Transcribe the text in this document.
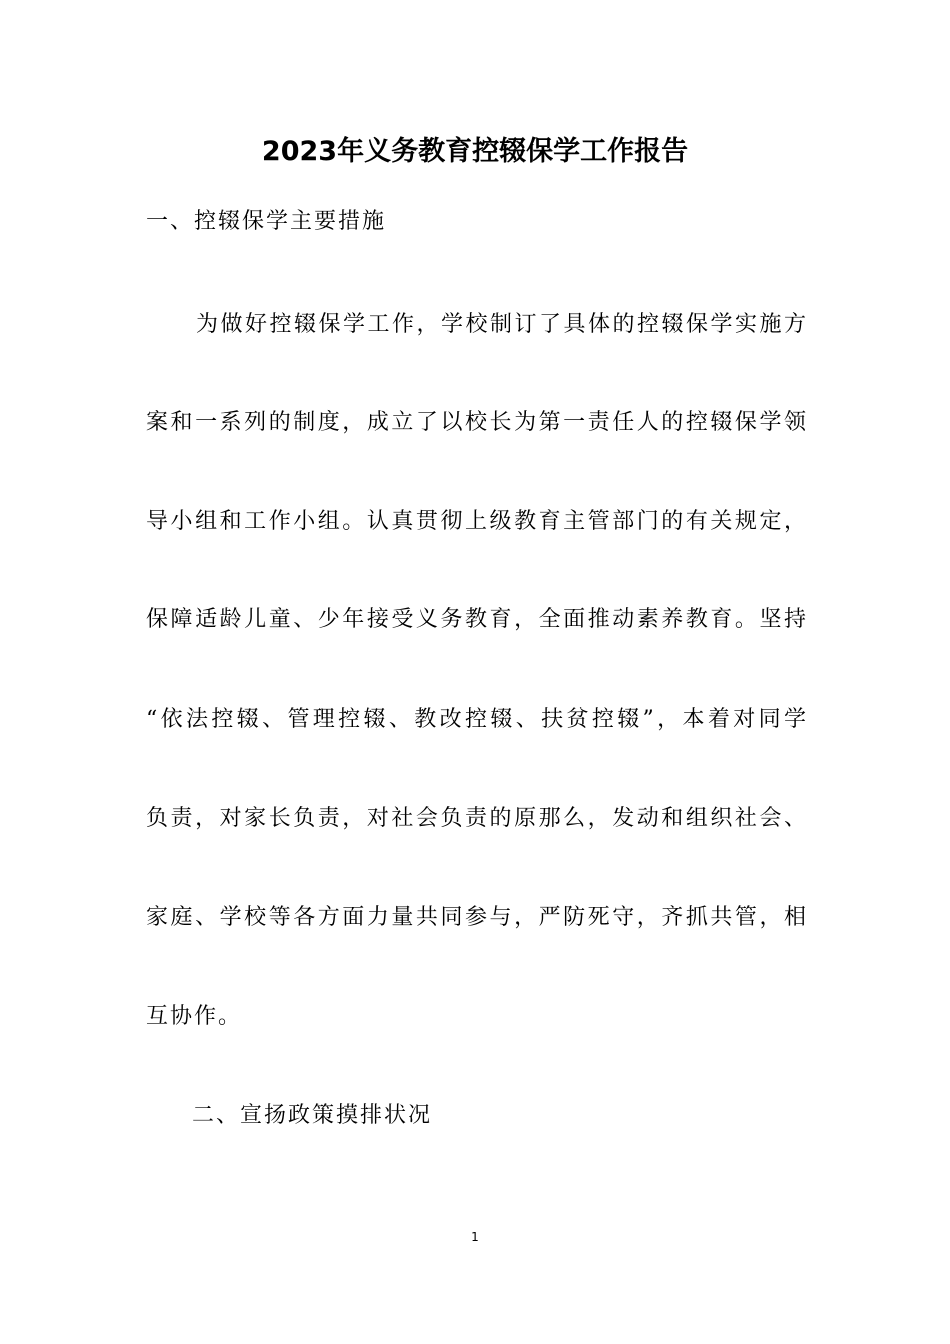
2023年义务教育控辍保学工作报告
一、控辍保学主要措施
为做好控辍保学工作，学校制订了具体的控辍保学实施方
案和一系列的制度，成立了以校长为第一责任人的控辍保学领
导小组和工作小组。认真贯彻上级教育主管部门的有关规定，
保障适龄儿童、少年接受义务教育，全面推动素养教育。坚持
“依法控辍、管理控辍、教改控辍、扶贫控辍”，本着对同学
负责，对家长负责，对社会负责的原那么，发动和组织社会、
家庭、学校等各方面力量共同参与，严防死守，齐抓共管，相
互协作。
二、宣扬政策摸排状况
1
